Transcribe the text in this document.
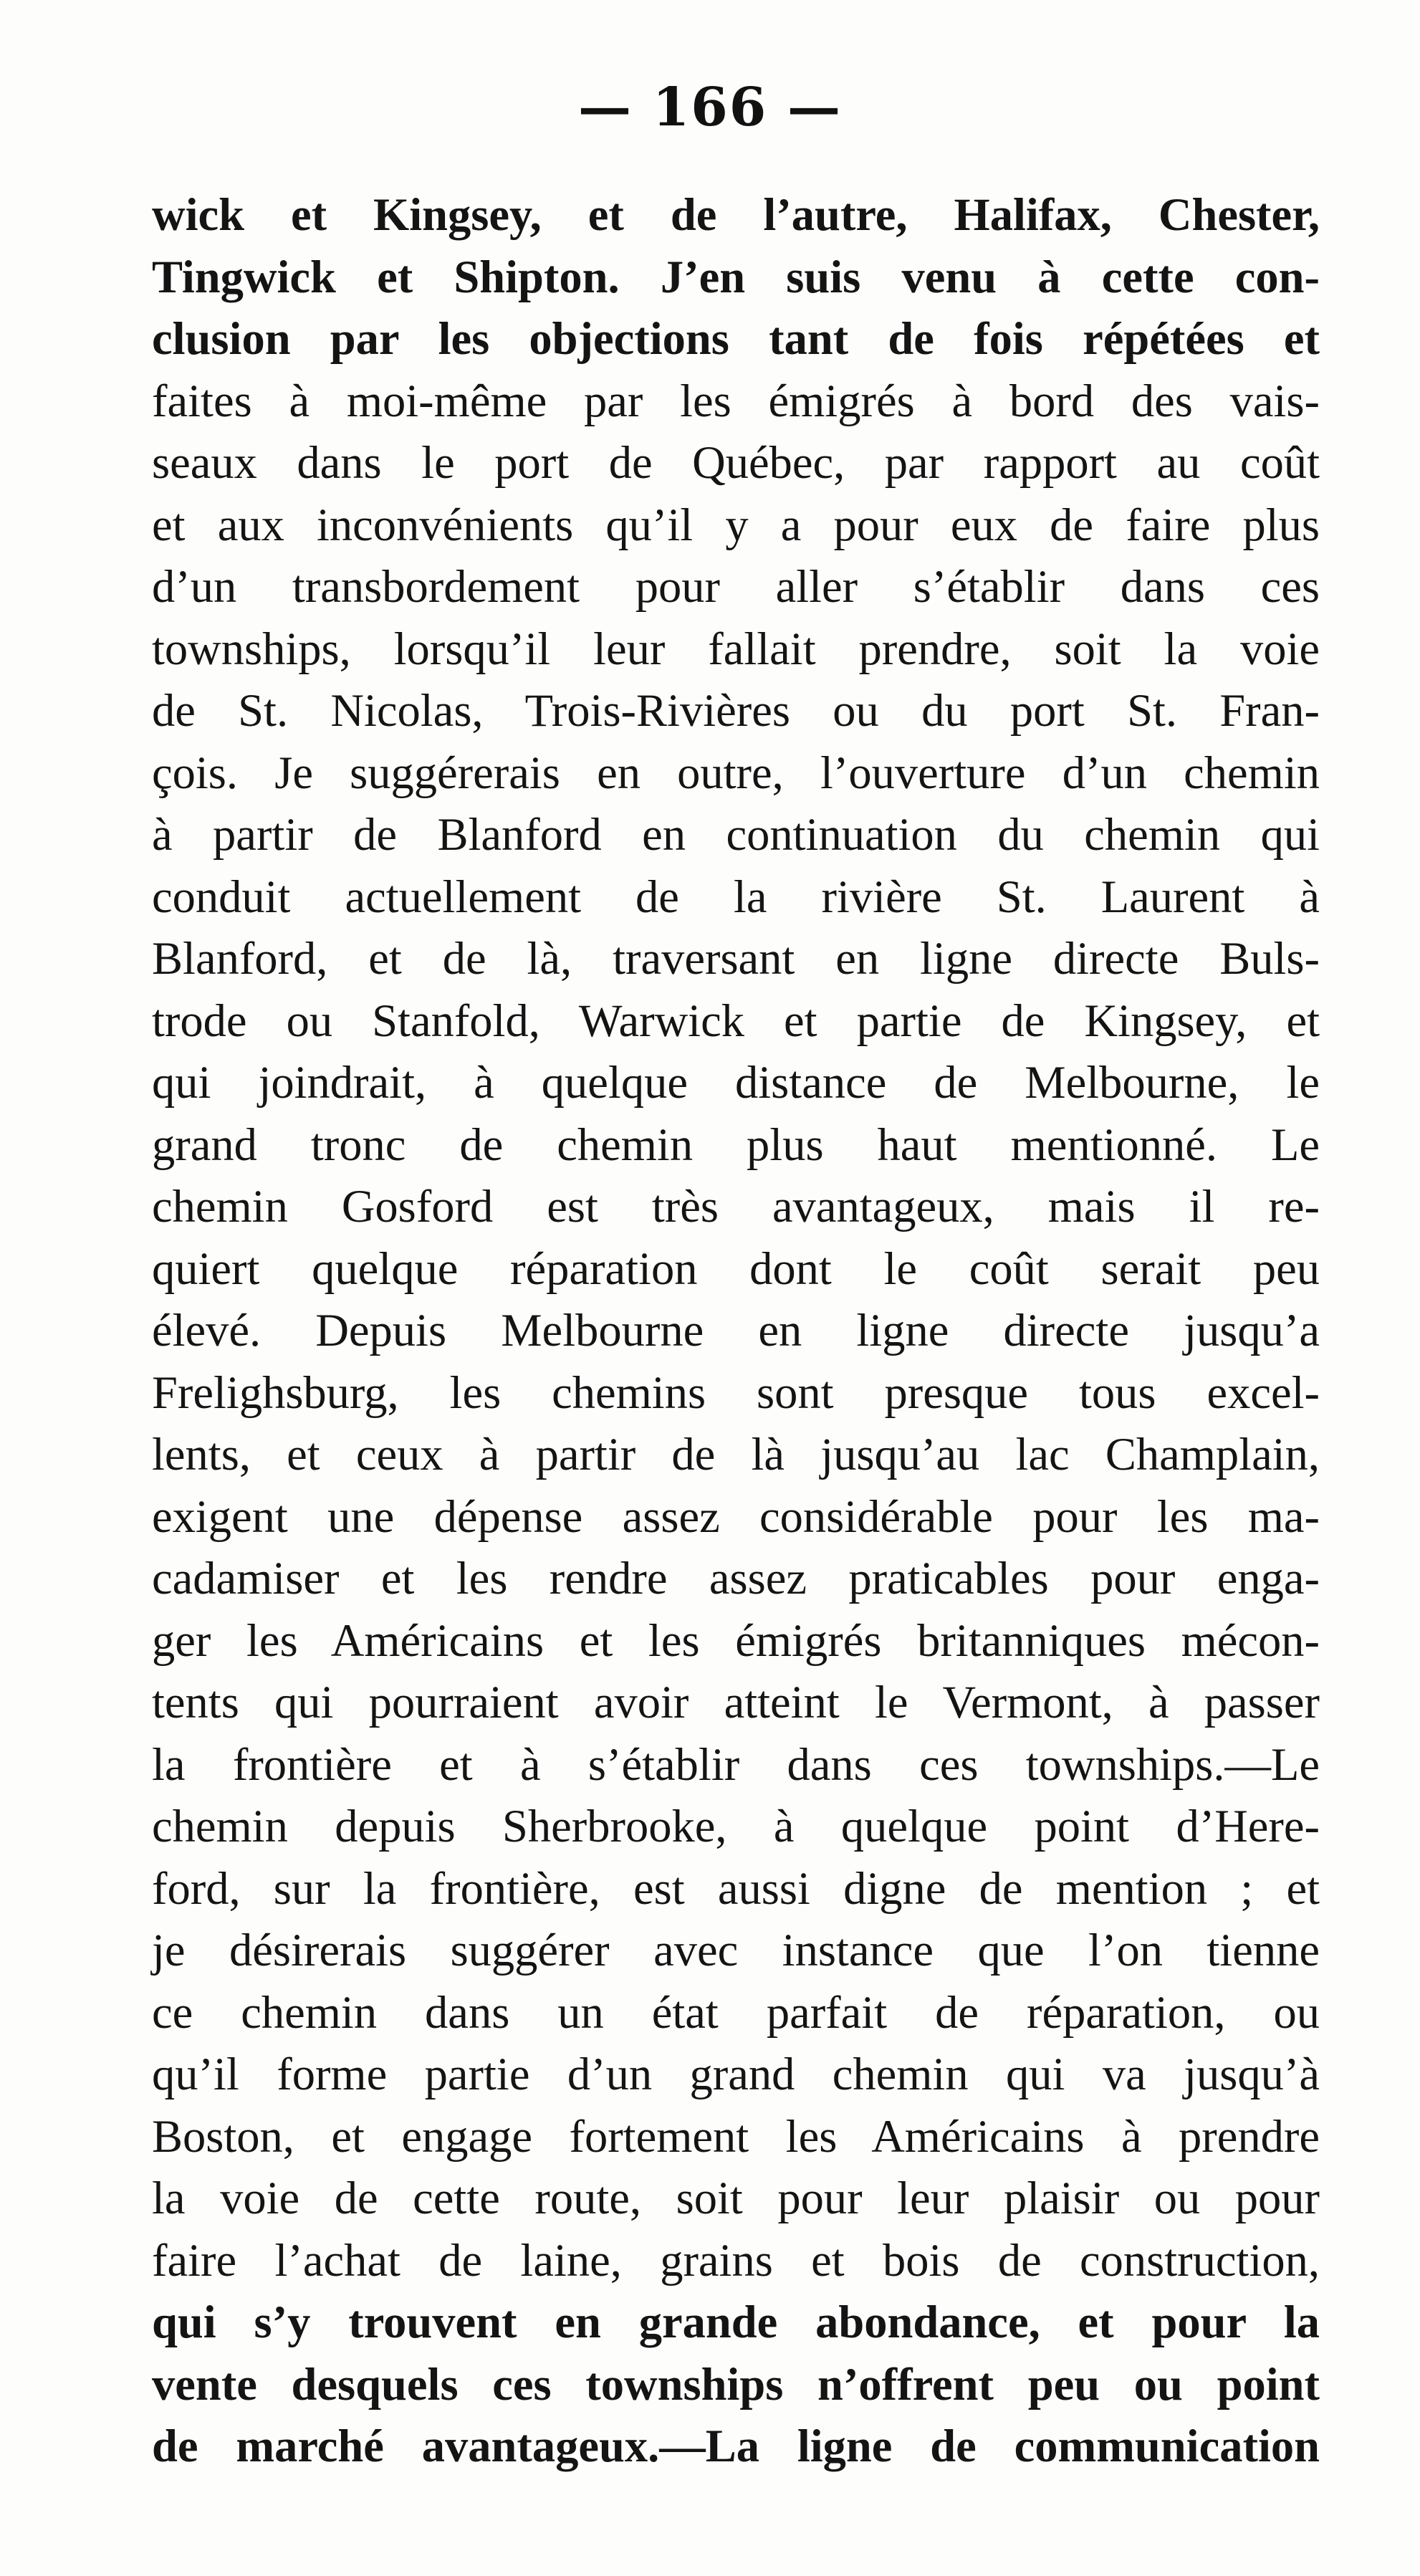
— 166 —
wick et Kingsey, et de l’autre, Halifax, Chester,
Tingwick et Shipton. J’en suis venu à cette con-
clusion par les objections tant de fois répétées et
faites à moi-même par les émigrés à bord des vais-
seaux dans le port de Québec, par rapport au coût
et aux inconvénients qu’il y a pour eux de faire plus
d’un transbordement pour aller s’établir dans ces
townships, lorsqu’il leur fallait prendre, soit la voie
de St. Nicolas, Trois-Rivières ou du port St. Fran-
çois. Je suggérerais en outre, l’ouverture d’un chemin
à partir de Blanford en continuation du chemin qui
conduit actuellement de la rivière St. Laurent à
Blanford, et de là, traversant en ligne directe Buls-
trode ou Stanfold, Warwick et partie de Kingsey, et
qui joindrait, à quelque distance de Melbourne, le
grand tronc de chemin plus haut mentionné. Le
chemin Gosford est très avantageux, mais il re-
quiert quelque réparation dont le coût serait peu
élevé. Depuis Melbourne en ligne directe jusqu’a
Frelighsburg, les chemins sont presque tous excel-
lents, et ceux à partir de là jusqu’au lac Champlain,
exigent une dépense assez considérable pour les ma-
cadamiser et les rendre assez praticables pour enga-
ger les Américains et les émigrés britanniques mécon-
tents qui pourraient avoir atteint le Vermont, à passer
la frontière et à s’établir dans ces townships.—Le
chemin depuis Sherbrooke, à quelque point d’Here-
ford, sur la frontière, est aussi digne de mention ; et
je désirerais suggérer avec instance que l’on tienne
ce chemin dans un état parfait de réparation, ou
qu’il forme partie d’un grand chemin qui va jusqu’à
Boston, et engage fortement les Américains à prendre
la voie de cette route, soit pour leur plaisir ou pour
faire l’achat de laine, grains et bois de construction,
qui s’y trouvent en grande abondance, et pour la
vente desquels ces townships n’offrent peu ou point
de marché avantageux.—La ligne de communication
